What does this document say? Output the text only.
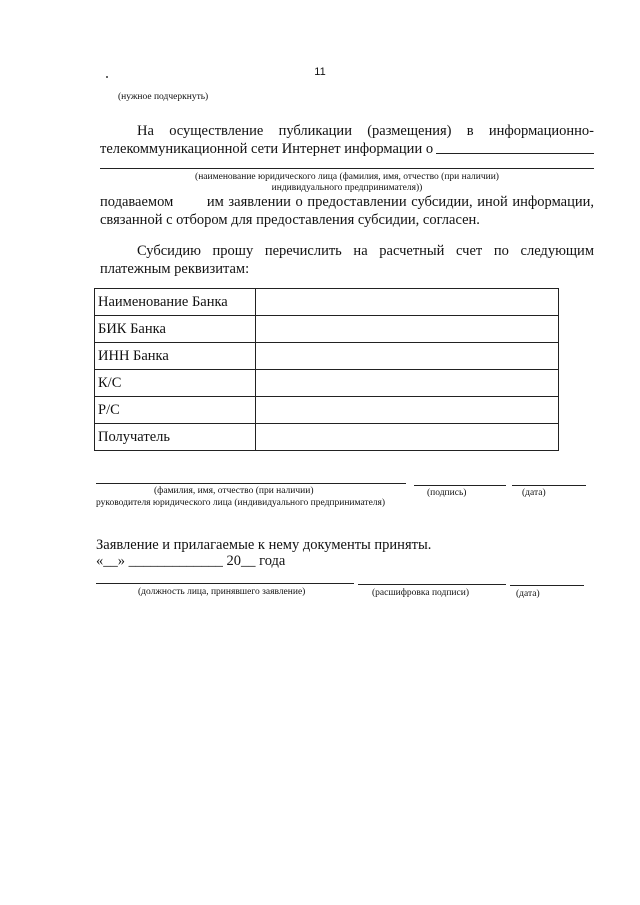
11
(нужное подчеркнуть)
На осуществление публикации (размещения) в информационно-
телекоммуникационной сети Интернет информации о
(наименование юридического лица (фамилия, имя, отчество (при наличии)
индивидуального предпринимателя))
подаваемом им заявлении о предоставлении субсидии, иной информации,
связанной с отбором для предоставления субсидии, согласен.
Субсидию прошу перечислить на расчетный счет по следующим
платежным реквизитам:
Наименование Банка	
БИК Банка	
ИНН Банка	
К/С	
Р/С	
Получатель	
(фамилия, имя, отчество (при наличии)	(подпись)	(дата)
руководителя юридического лица (индивидуального предпринимателя)
Заявление и прилагаемые к нему документы приняты.
«__» _____________ 20__ года
(должность лица, принявшего заявление)	(расшифровка подписи)	(дата)
